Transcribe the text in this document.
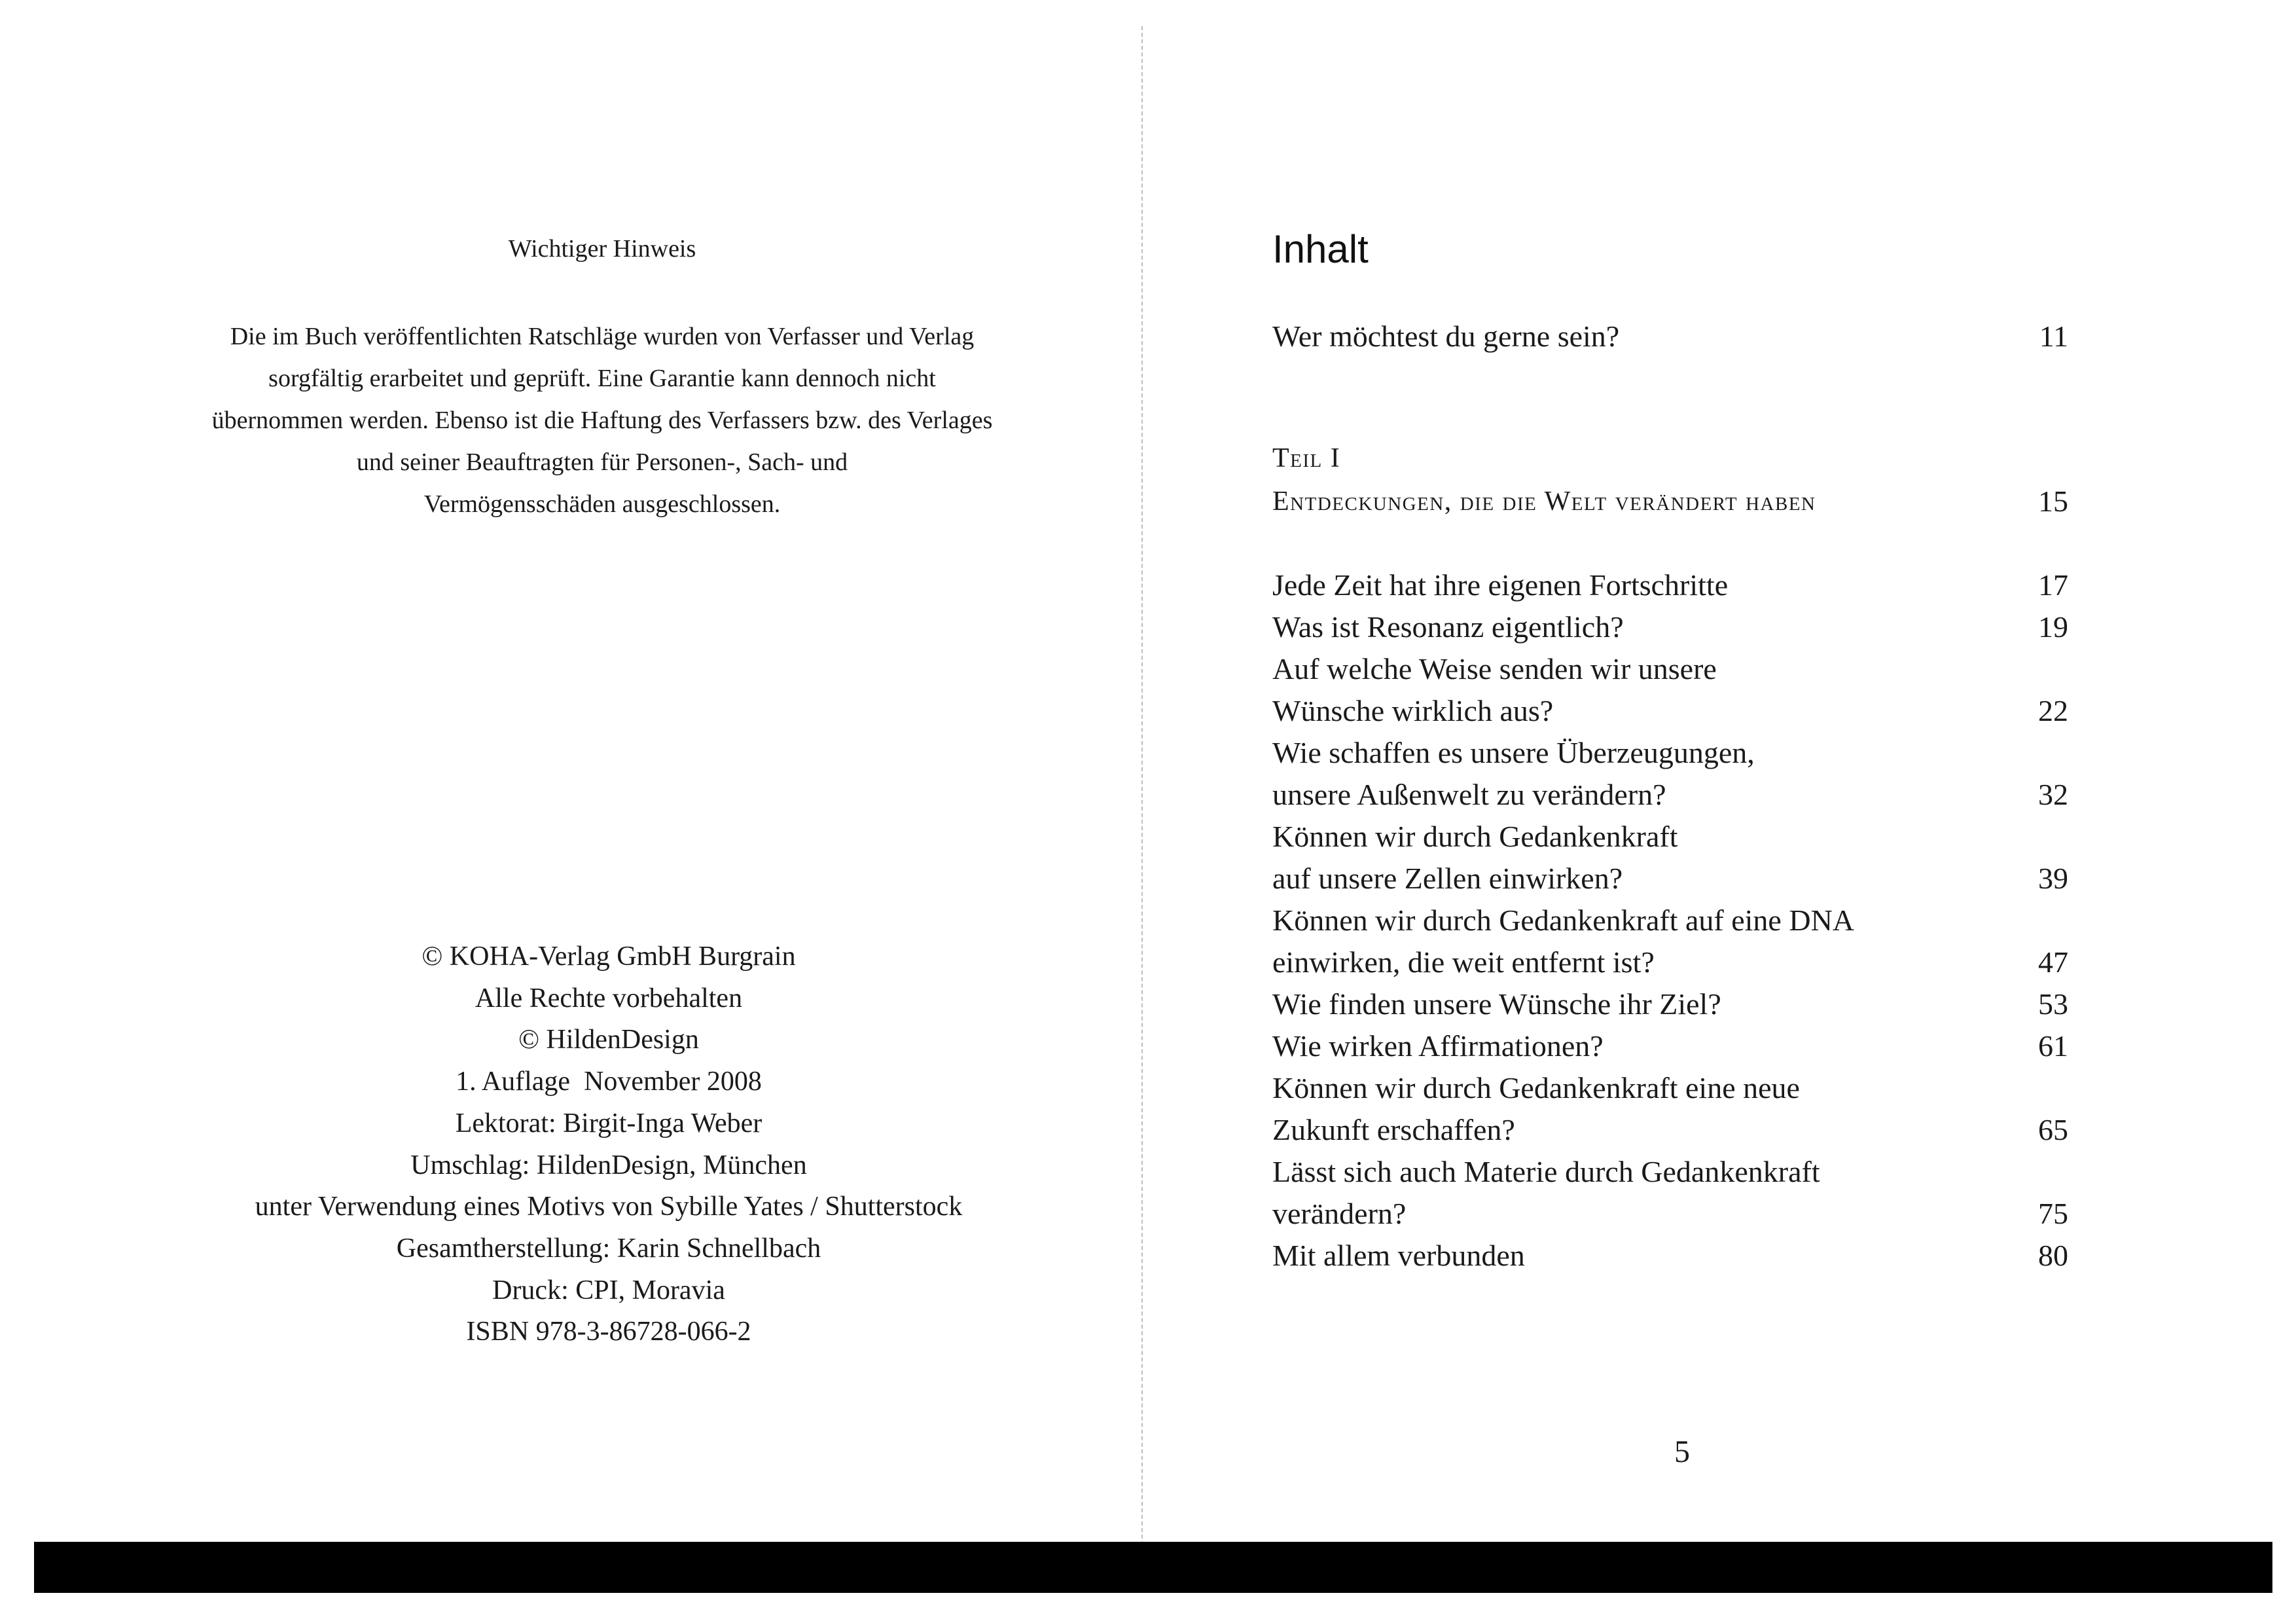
Wichtiger Hinweis
Die im Buch veröffentlichten Ratschläge wurden von Verfasser und Verlag
sorgfältig erarbeitet und geprüft. Eine Garantie kann dennoch nicht
übernommen werden. Ebenso ist die Haftung des Verfassers bzw. des Verlages
und seiner Beauftragten für Personen-, Sach- und
Vermögensschäden ausgeschlossen.
© KOHA-Verlag GmbH Burgrain
Alle Rechte vorbehalten
© HildenDesign
1. Auflage  November 2008
Lektorat: Birgit-Inga Weber
Umschlag: HildenDesign, München
unter Verwendung eines Motivs von Sybille Yates / Shutterstock
Gesamtherstellung: Karin Schnellbach
Druck: CPI, Moravia
ISBN 978-3-86728-066-2
Inhalt
Wer möchtest du gerne sein?	11
Teil I
Entdeckungen, die die Welt verändert haben	15
Jede Zeit hat ihre eigenen Fortschritte	17
Was ist Resonanz eigentlich?	19
Auf welche Weise senden wir unsere
Wünsche wirklich aus?	22
Wie schaffen es unsere Überzeugungen,
unsere Außenwelt zu verändern?	32
Können wir durch Gedankenkraft
auf unsere Zellen einwirken?	39
Können wir durch Gedankenkraft auf eine DNA
einwirken, die weit entfernt ist?	47
Wie finden unsere Wünsche ihr Ziel?	53
Wie wirken Affirmationen?	61
Können wir durch Gedankenkraft eine neue
Zukunft erschaffen?	65
Lässt sich auch Materie durch Gedankenkraft
verändern?	75
Mit allem verbunden	80
5
